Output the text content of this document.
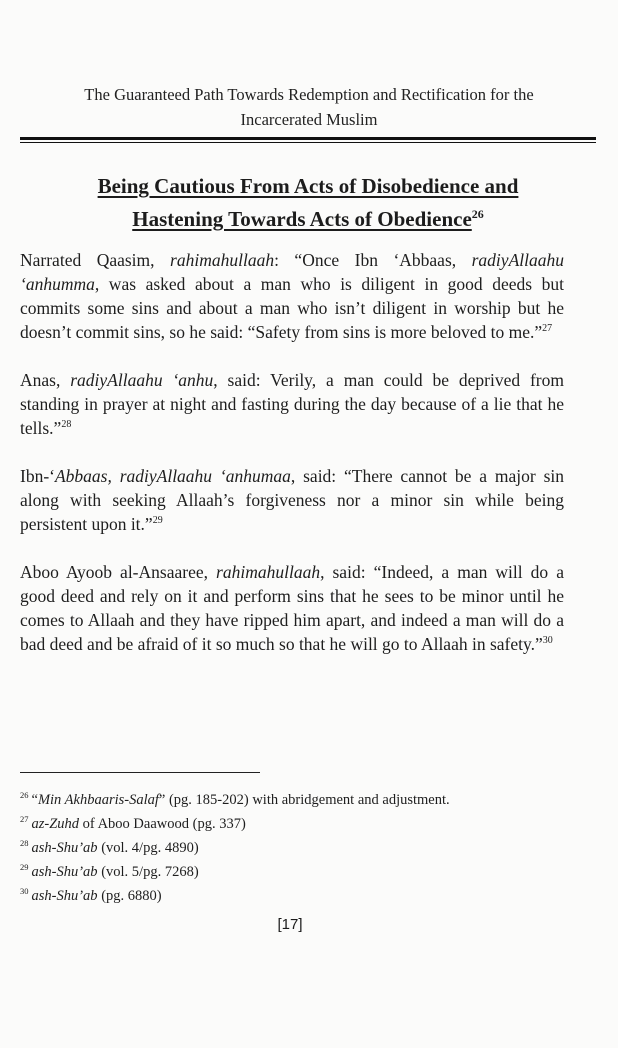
The Guaranteed Path Towards Redemption and Rectification for the
Incarcerated Muslim
Being Cautious From Acts of Disobedience and
Hastening Towards Acts of Obedience$^{26}$

Narrated Qaasim, rahimahullaah: “Once Ibn ‘Abbaas, radiyAllaahu ‘anhumma, was asked about a man who is diligent in good deeds but commits some sins and about a man who isn’t diligent in worship but he doesn’t commit sins, so he said: “Safety from sins is more beloved to me.”$^{27}$

Anas, radiyAllaahu ‘anhu, said: Verily, a man could be deprived from standing in prayer at night and fasting during the day because of a lie that he tells.”$^{28}$

Ibn-‘Abbaas, radiyAllaahu ‘anhumaa, said: “There cannot be a major sin along with seeking Allaah’s forgiveness nor a minor sin while being persistent upon it.”$^{29}$

Aboo Ayoob al-Ansaaree, rahimahullaah, said: “Indeed, a man will do a good deed and rely on it and perform sins that he sees to be minor until he comes to Allaah and they have ripped him apart, and indeed a man will do a bad deed and be afraid of it so much so that he will go to Allaah in safety.”$^{30}$

$^{26}$ “Min Akhbaaris-Salaf” (pg. 185-202) with abridgement and adjustment.
$^{27}$ az-Zuhd of Aboo Daawood (pg. 337)
$^{28}$ ash-Shu’ab (vol. 4/pg. 4890)
$^{29}$ ash-Shu’ab (vol. 5/pg. 7268)
$^{30}$ ash-Shu’ab (pg. 6880)
[17]
